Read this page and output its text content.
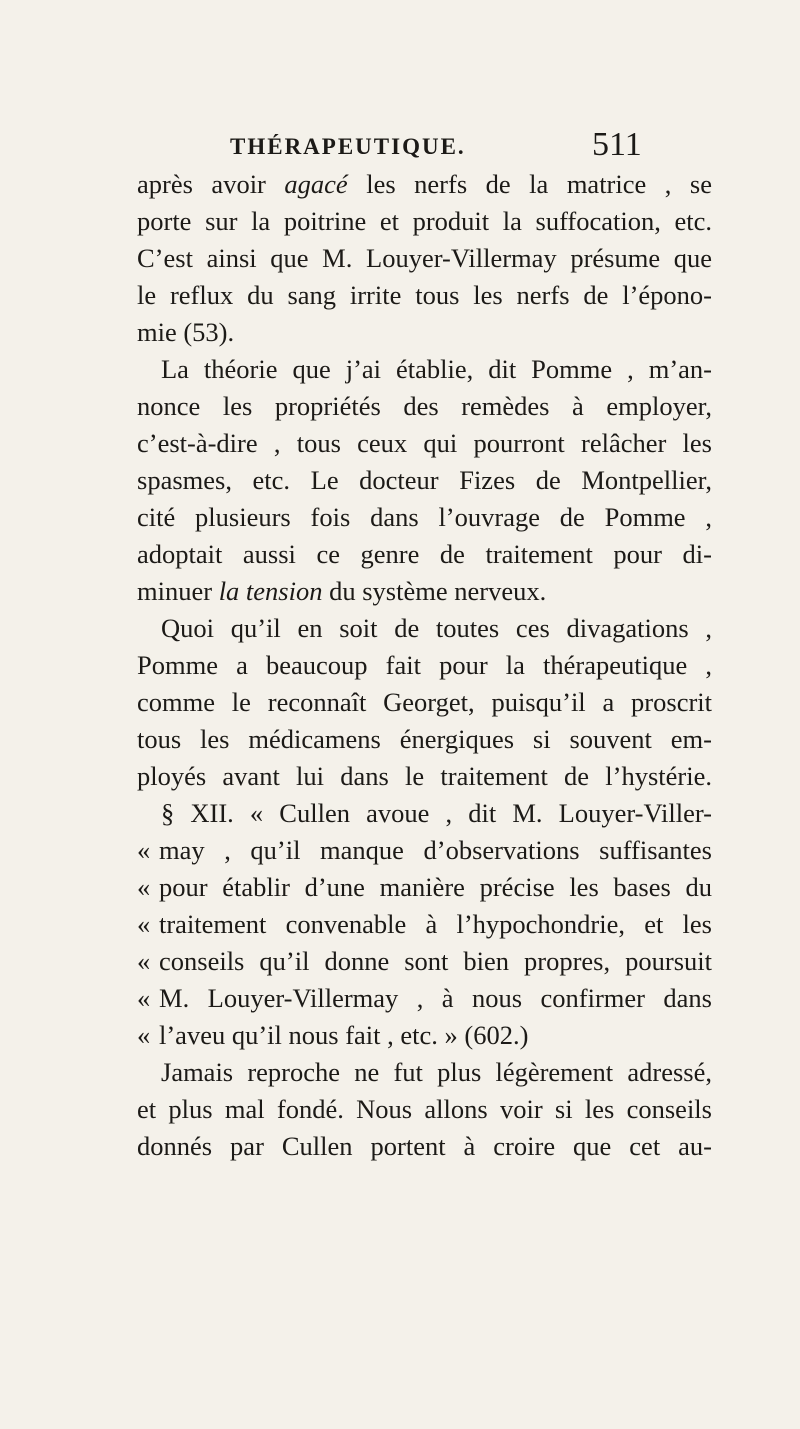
THÉRAPEUTIQUE.	511
après avoir agacé les nerfs de la matrice , se
porte sur la poitrine et produit la suffocation, etc.
C’est ainsi que M. Louyer-Villermay présume que
le reflux du sang irrite tous les nerfs de l’épono-
mie (53).
La théorie que j’ai établie, dit Pomme , m’an-
nonce les propriétés des remèdes à employer,
c’est-à-dire , tous ceux qui pourront relâcher les
spasmes, etc. Le docteur Fizes de Montpellier,
cité plusieurs fois dans l’ouvrage de Pomme ,
adoptait aussi ce genre de traitement pour di-
minuer la tension du système nerveux.
Quoi qu’il en soit de toutes ces divagations ,
Pomme a beaucoup fait pour la thérapeutique ,
comme le reconnaît Georget, puisqu’il a proscrit
tous les médicamens énergiques si souvent em-
ployés avant lui dans le traitement de l’hystérie.
§ XII. « Cullen avoue , dit M. Louyer-Viller-
« may , qu’il manque d’observations suffisantes
« pour établir d’une manière précise les bases du
« traitement convenable à l’hypochondrie, et les
« conseils qu’il donne sont bien propres, poursuit
« M. Louyer-Villermay , à nous confirmer dans
« l’aveu qu’il nous fait , etc. » (602.)
Jamais reproche ne fut plus légèrement adressé,
et plus mal fondé. Nous allons voir si les conseils
donnés par Cullen portent à croire que cet au-
